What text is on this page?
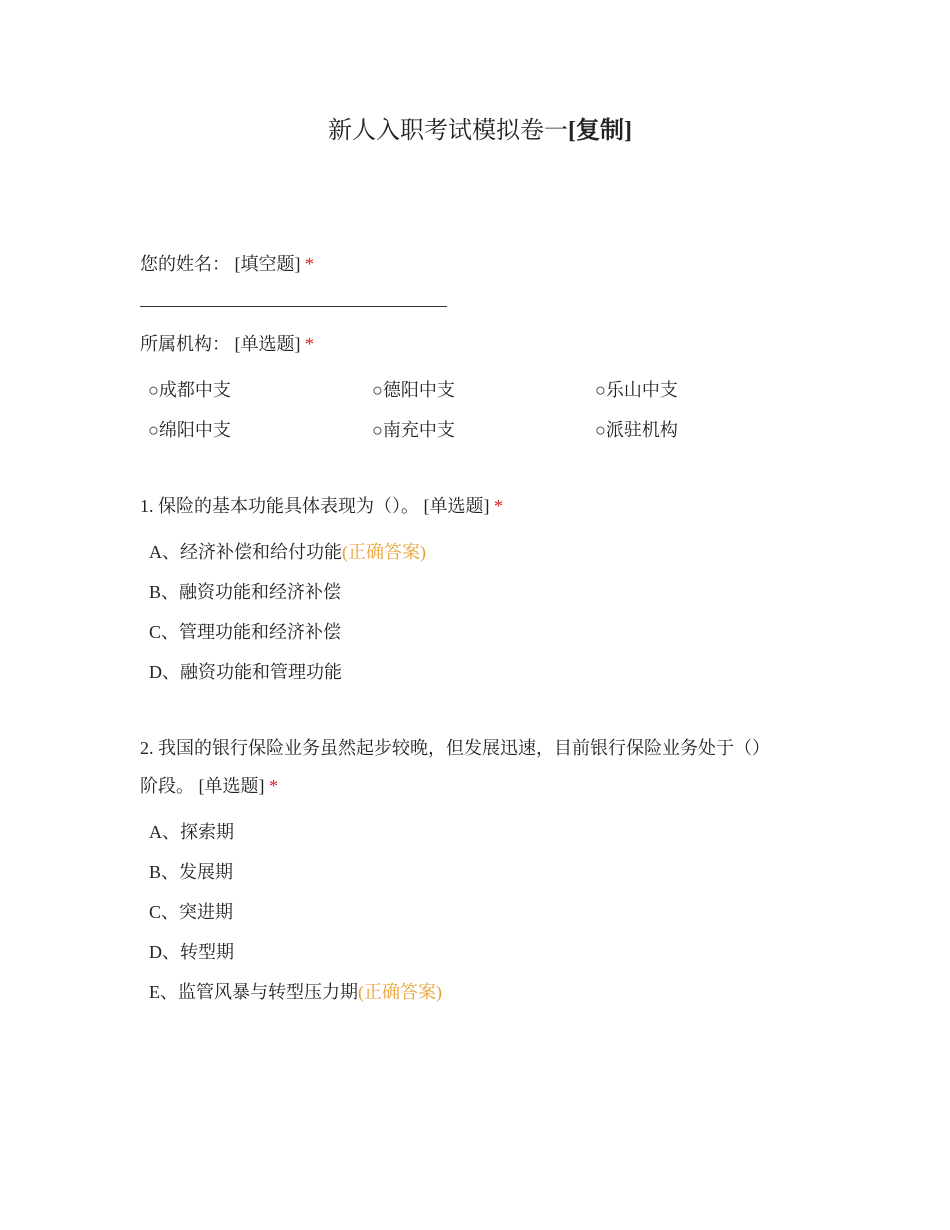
新人入职考试模拟卷一[复制]
您的姓名： [填空题] *
所属机构： [单选题] *
○成都中支	○德阳中支	○乐山中支
○绵阳中支	○南充中支	○派驻机构
1. 保险的基本功能具体表现为（）。 [单选题] *
A、经济补偿和给付功能(正确答案)
B、融资功能和经济补偿
C、管理功能和经济补偿
D、融资功能和管理功能
2. 我国的银行保险业务虽然起步较晚，但发展迅速，目前银行保险业务处于（）
阶段。 [单选题] *
A、探索期
B、发展期
C、突进期
D、转型期
E、监管风暴与转型压力期(正确答案)
